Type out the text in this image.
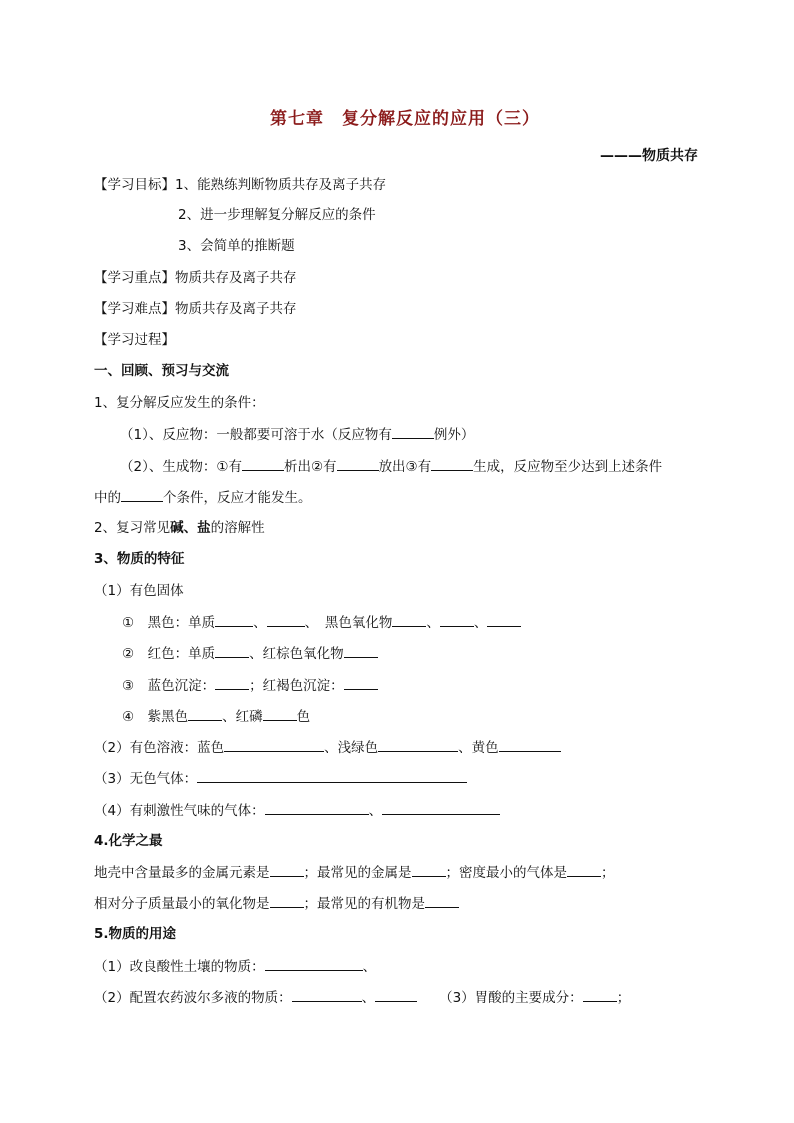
第七章　复分解反应的应用（三）
———物质共存
【学习目标】1、能熟练判断物质共存及离子共存
2、进一步理解复分解反应的条件
3、会简单的推断题
【学习重点】物质共存及离子共存
【学习难点】物质共存及离子共存
【学习过程】
一、回顾、预习与交流
1、复分解反应发生的条件：
（1）、反应物：一般都要可溶于水（反应物有	例外）
（2）、生成物：①有	析出②有	放出③有	生成，反应物至少达到上述条件
中的	个条件，反应才能发生。
2、复习常见碱、盐的溶解性
3、物质的特征
（1）有色固体
①　黑色：单质	、	、　黑色氧化物	、	、
②　红色：单质	、红棕色氧化物
③　蓝色沉淀：	；红褐色沉淀：
④　紫黑色	、红磷	色
（2）有色溶液：蓝色	、浅绿色	、黄色
（3）无色气体：
（4）有刺激性气味的气体：	、
4.化学之最
地壳中含量最多的金属元素是	；最常见的金属是	；密度最小的气体是	；
相对分子质量最小的氧化物是	；最常见的有机物是
5.物质的用途
（1）改良酸性土壤的物质：	、
（2）配置农药波尔多液的物质：	、	（3）胃酸的主要成分：	；
